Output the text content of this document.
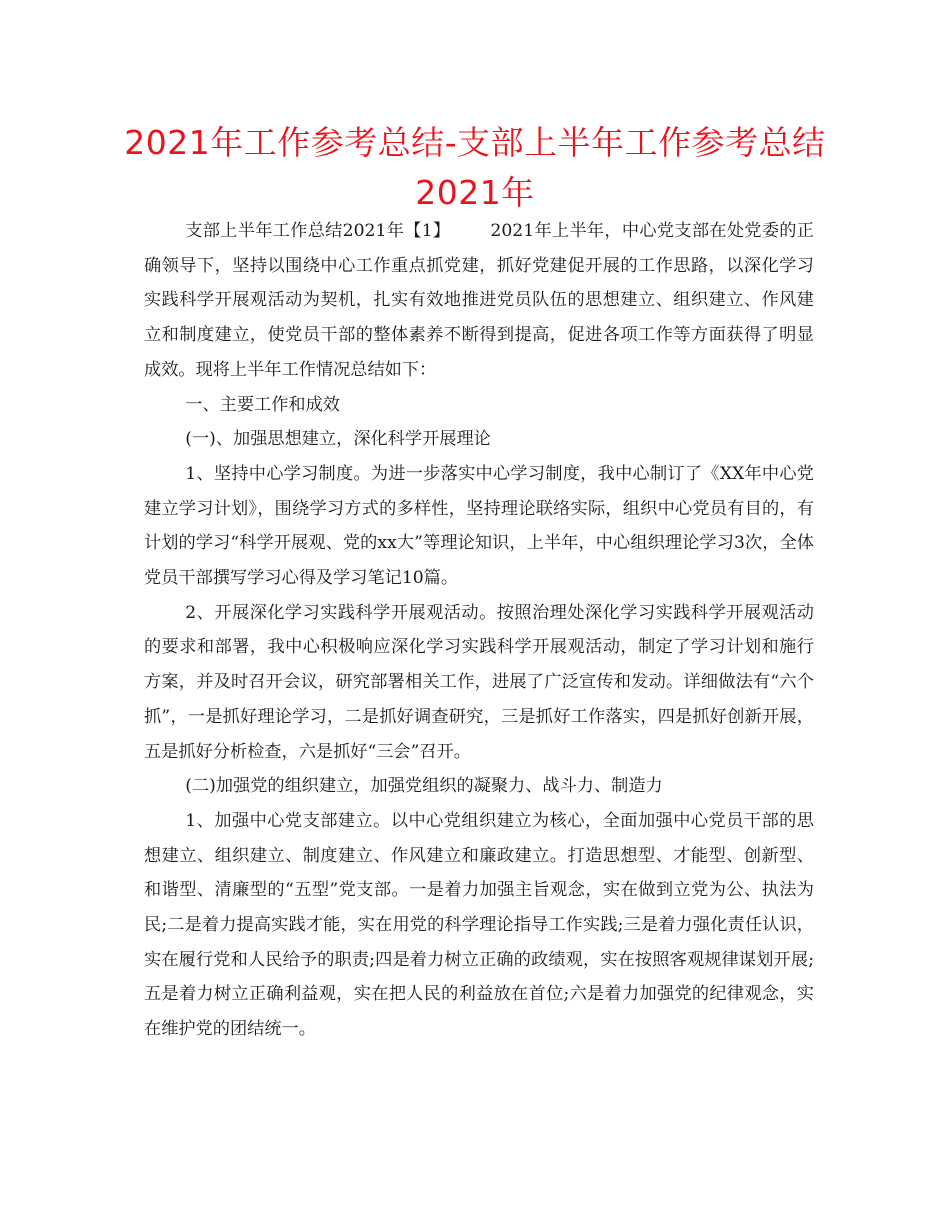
2021年工作参考总结-支部上半年工作参考总结2021年

支部上半年工作总结2021年【1】 2021年上半年，中心党支部在处党委的正确领导下，坚持以围绕中心工作重点抓党建，抓好党建促开展的工作思路，以深化学习实践科学开展观活动为契机，扎实有效地推进党员队伍的思想建立、组织建立、作风建立和制度建立，使党员干部的整体素养不断得到提高，促进各项工作等方面获得了明显成效。现将上半年工作情况总结如下：

一、主要工作和成效

(一)、加强思想建立，深化科学开展理论

1、坚持中心学习制度。为进一步落实中心学习制度，我中心制订了《XX年中心党建立学习计划》，围绕学习方式的多样性，坚持理论联络实际，组织中心党员有目的，有计划的学习“科学开展观、党的xx大”等理论知识，上半年，中心组织理论学习3次，全体党员干部撰写学习心得及学习笔记10篇。

2、开展深化学习实践科学开展观活动。按照治理处深化学习实践科学开展观活动的要求和部署，我中心积极响应深化学习实践科学开展观活动，制定了学习计划和施行方案，并及时召开会议，研究部署相关工作，进展了广泛宣传和发动。详细做法有“六个抓”，一是抓好理论学习，二是抓好调查研究，三是抓好工作落实，四是抓好创新开展，五是抓好分析检查，六是抓好“三会”召开。

(二)加强党的组织建立，加强党组织的凝聚力、战斗力、制造力

1、加强中心党支部建立。以中心党组织建立为核心，全面加强中心党员干部的思想建立、组织建立、制度建立、作风建立和廉政建立。打造思想型、才能型、创新型、和谐型、清廉型的“五型”党支部。一是着力加强主旨观念，实在做到立党为公、执法为民;二是着力提高实践才能，实在用党的科学理论指导工作实践;三是着力强化责任认识，实在履行党和人民给予的职责;四是着力树立正确的政绩观，实在按照客观规律谋划开展;五是着力树立正确利益观，实在把人民的利益放在首位;六是着力加强党的纪律观念，实在维护党的团结统一。
